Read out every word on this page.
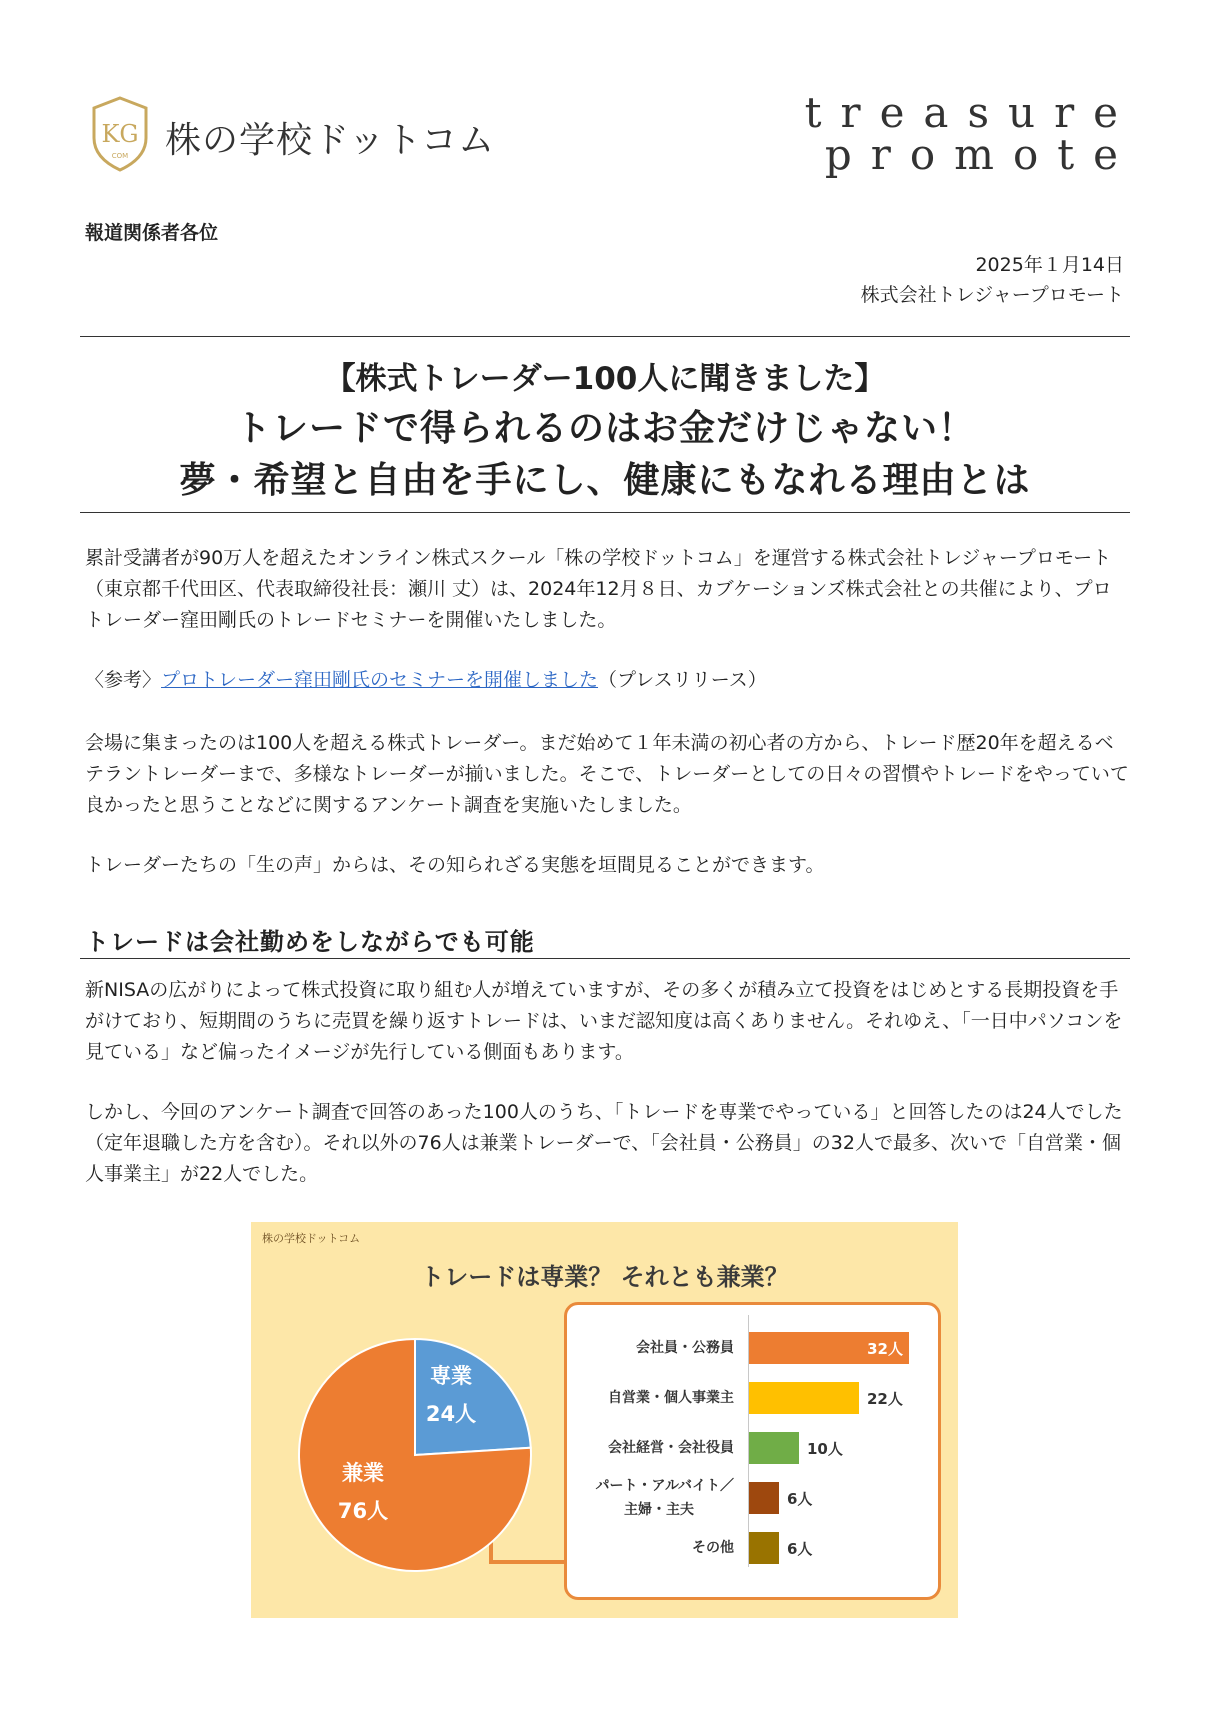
KG
COM 株の学校ドットコム
treasure
promote
報道関係者各位
2025年１月14日
株式会社トレジャープロモート
【株式トレーダー100人に聞きました】
トレードで得られるのはお金だけじゃない！
夢・希望と自由を手にし、健康にもなれる理由とは
累計受講者が90万人を超えたオンライン株式スクール「株の学校ドットコム」を運営する株式会社トレジャープロモート（東京都千代田区、代表取締役社長：瀬川 丈）は、2024年12月８日、カブケーションズ株式会社との共催により、プロトレーダー窪田剛氏のトレードセミナーを開催いたしました。
〈参考〉プロトレーダー窪田剛氏のセミナーを開催しました（プレスリリース）
会場に集まったのは100人を超える株式トレーダー。まだ始めて１年未満の初心者の方から、トレード歴20年を超えるベテラントレーダーまで、多様なトレーダーが揃いました。そこで、トレーダーとしての日々の習慣やトレードをやっていて良かったと思うことなどに関するアンケート調査を実施いたしました。
トレーダーたちの「生の声」からは、その知られざる実態を垣間見ることができます。
トレードは会社勤めをしながらでも可能
新NISAの広がりによって株式投資に取り組む人が増えていますが、その多くが積み立て投資をはじめとする長期投資を手がけており、短期間のうちに売買を繰り返すトレードは、いまだ認知度は高くありません。それゆえ、「一日中パソコンを見ている」など偏ったイメージが先行している側面もあります。
しかし、今回のアンケート調査で回答のあった100人のうち、「トレードを専業でやっている」と回答したのは24人でした（定年退職した方を含む）。それ以外の76人は兼業トレーダーで、「会社員・公務員」の32人で最多、次いで「自営業・個人事業主」が22人でした。
株の学校ドットコム
トレードは専業？ それとも兼業？
専業
24人
兼業
76人
会社員・公務員	32人
自営業・個人事業主	22人
会社経営・会社役員	10人
パート・アルバイト／
主婦・主夫
6人
その他	6人
